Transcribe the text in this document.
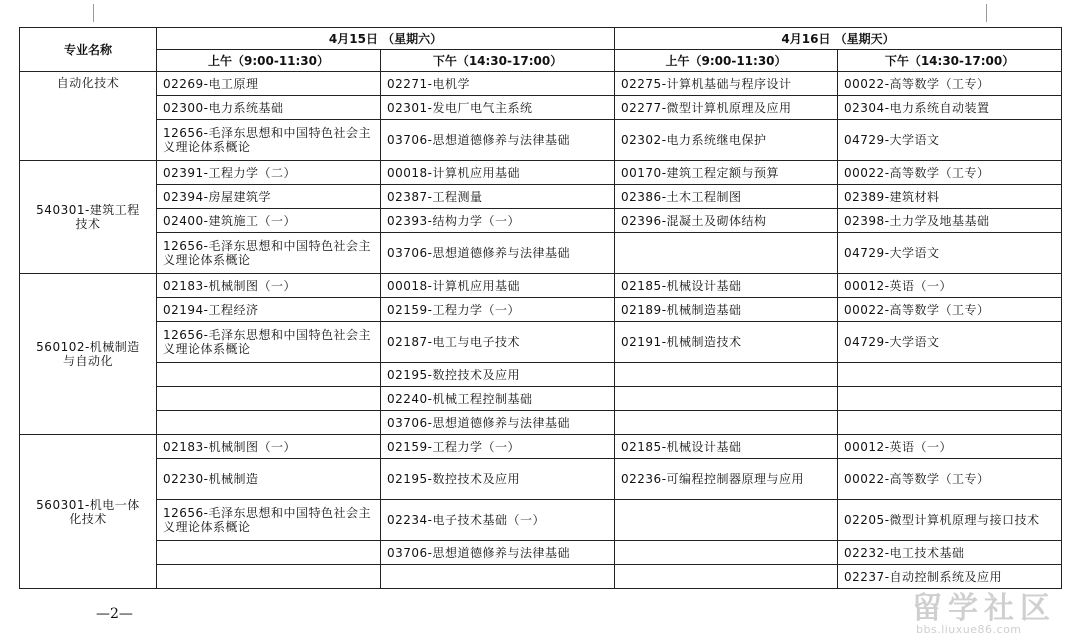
专业名称	4月15日 （星期六）		4月16日 （星期天）	
	上午（9:00-11:30）	下午（14:30-17:00）	上午（9:00-11:30）	下午（14:30-17:00）
自动化技术	02269-电工原理	02271-电机学	02275-计算机基础与程序设计	00022-高等数学（工专）
	02300-电力系统基础	02301-发电厂电气主系统	02277-微型计算机原理及应用	02304-电力系统自动装置
	12656-毛泽东思想和中国特色社会主义理论体系概论	03706-思想道德修养与法律基础	02302-电力系统继电保护	04729-大学语文
540301-建筑工程技术	02391-工程力学（二）	00018-计算机应用基础	00170-建筑工程定额与预算	00022-高等数学（工专）
	02394-房屋建筑学	02387-工程测量	02386-土木工程制图	02389-建筑材料
	02400-建筑施工（一）	02393-结构力学（一）	02396-混凝土及砌体结构	02398-土力学及地基基础
	12656-毛泽东思想和中国特色社会主义理论体系概论	03706-思想道德修养与法律基础		04729-大学语文
560102-机械制造与自动化	02183-机械制图（一）	00018-计算机应用基础	02185-机械设计基础	00012-英语（一）
	02194-工程经济	02159-工程力学（一）	02189-机械制造基础	00022-高等数学（工专）
	12656-毛泽东思想和中国特色社会主义理论体系概论	02187-电工与电子技术	02191-机械制造技术	04729-大学语文
		02195-数控技术及应用		
		02240-机械工程控制基础		
		03706-思想道德修养与法律基础		
560301-机电一体化技术	02183-机械制图（一）	02159-工程力学（一）	02185-机械设计基础	00012-英语（一）
	02230-机械制造	02195-数控技术及应用	02236-可编程控制器原理与应用	00022-高等数学（工专）
	12656-毛泽东思想和中国特色社会主义理论体系概论	02234-电子技术基础（一）		02205-微型计算机原理与接口技术
		03706-思想道德修养与法律基础		02232-电工技术基础
				02237-自动控制系统及应用
—2—	留学社区
bbs.liuxue86.com
